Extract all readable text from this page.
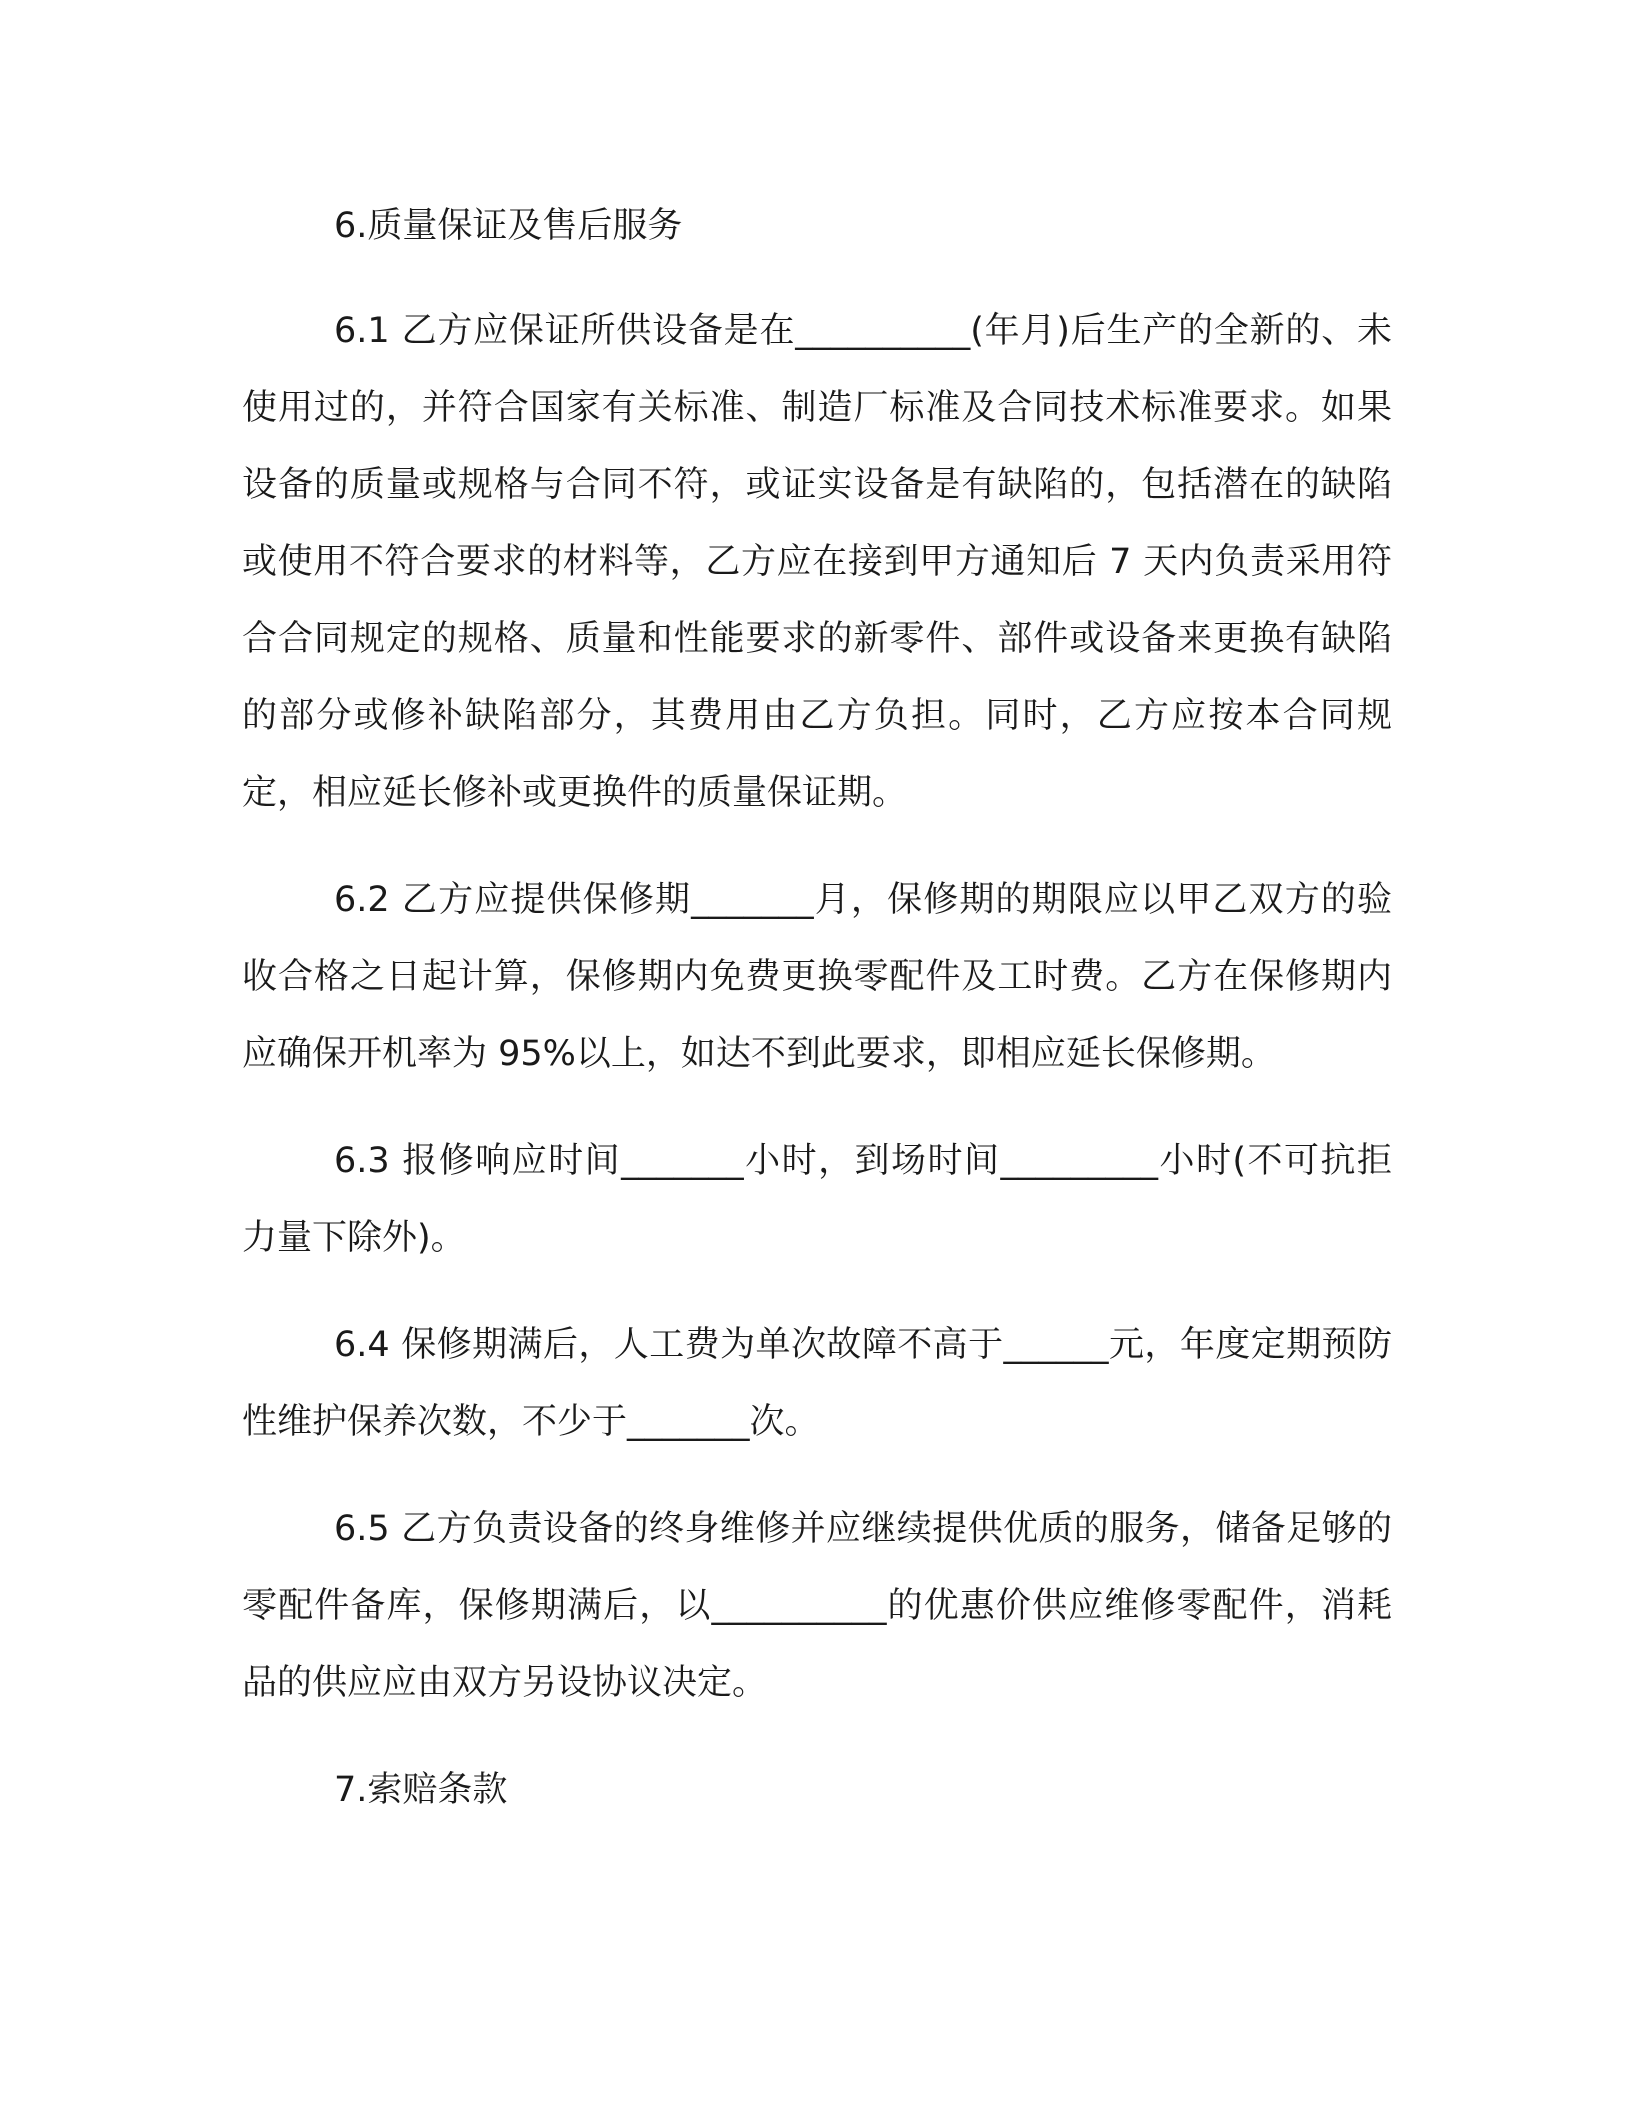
6.质量保证及售后服务

6.1 乙方应保证所供设备是在__________(年月)后生产的全新的、未使用过的，并符合国家有关标准、制造厂标准及合同技术标准要求。如果设备的质量或规格与合同不符，或证实设备是有缺陷的，包括潜在的缺陷或使用不符合要求的材料等，乙方应在接到甲方通知后 7 天内负责采用符合合同规定的规格、质量和性能要求的新零件、部件或设备来更换有缺陷的部分或修补缺陷部分，其费用由乙方负担。同时，乙方应按本合同规定，相应延长修补或更换件的质量保证期。

6.2 乙方应提供保修期_______月，保修期的期限应以甲乙双方的验收合格之日起计算，保修期内免费更换零配件及工时费。乙方在保修期内应确保开机率为 95%以上，如达不到此要求，即相应延长保修期。

6.3 报修响应时间_______小时，到场时间_________小时(不可抗拒力量下除外)。

6.4 保修期满后，人工费为单次故障不高于______元，年度定期预防性维护保养次数，不少于_______次。

6.5 乙方负责设备的终身维修并应继续提供优质的服务，储备足够的零配件备库，保修期满后，以__________的优惠价供应维修零配件，消耗品的供应应由双方另设协议决定。

7.索赔条款
